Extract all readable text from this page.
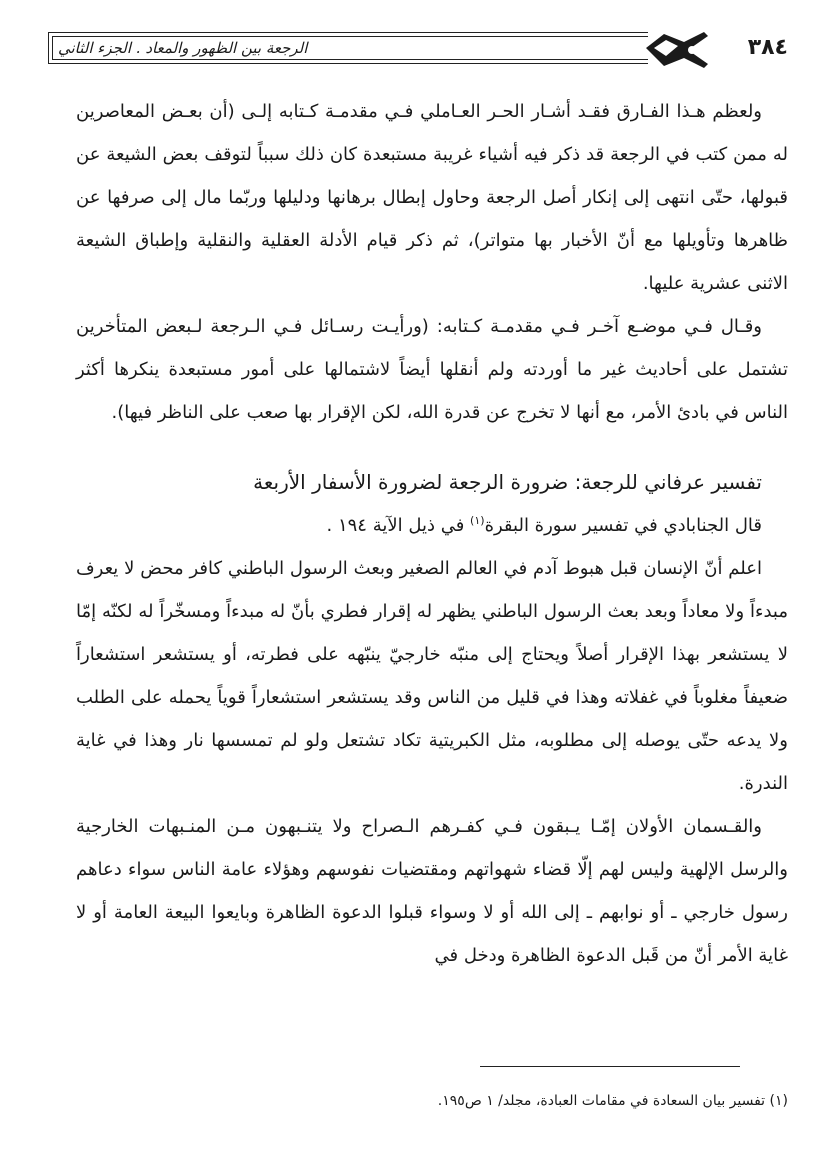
الرجعة بين الظهور والمعاد . الجزء الثاني	٣٨٤

ولعظم هـذا الفـارق فقـد أشـار الحـر العـاملي فـي مقدمـة كـتابه إلـى (أن بعـض المعاصرين له ممن كتب في الرجعة قد ذكر فيه أشياء غريبة مستبعدة كان ذلك سبباً لتوقف بعض الشيعة عن قبولها، حتّى انتهى إلى إنكار أصل الرجعة وحاول إبطال برهانها ودليلها وربّما مال إلى صرفها عن ظاهرها وتأويلها مع أنّ الأخبار بها متواتر)، ثم ذكر قيام الأدلة العقلية والنقلية وإطباق الشيعة الاثنى عشرية عليها.

وقـال فـي موضـع آخـر فـي مقدمـة كـتابه: (ورأيـت رسـائل فـي الـرجعة لـبعض المتأخرين تشتمل على أحاديث غير ما أوردته ولم أنقلها أيضاً لاشتمالها على أمور مستبعدة ينكرها أكثر الناس في بادئ الأمر، مع أنها لا تخرج عن قدرة الله، لكن الإقرار بها صعب على الناظر فيها).

تفسير عرفاني للرجعة: ضرورة الرجعة لضرورة الأسفار الأربعة
قال الجنابادي في تفسير سورة البقرة$^{(١)}$ في ذيل الآية ١٩٤ .

اعلم أنّ الإنسان قبل هبوط آدم في العالم الصغير وبعث الرسول الباطني كافر محض لا يعرف مبدءاً ولا معاداً وبعد بعث الرسول الباطني يظهر له إقرار فطري بأنّ له مبدءاً ومسخّراً له لكنّه إمّا لا يستشعر بهذا الإقرار أصلاً ويحتاج إلى منبّه خارجيّ ينبّهه على فطرته، أو يستشعر استشعاراً ضعيفاً مغلوباً في غفلاته وهذا في قليل من الناس وقد يستشعر استشعاراً قوياً يحمله على الطلب ولا يدعه حتّى يوصله إلى مطلوبه، مثل الكبريتية تكاد تشتعل ولو لم تمسسها نار وهذا في غاية الندرة.

والقـسمان الأولان إمّـا يـبقون فـي كفـرهم الـصراح ولا يتنـبهون مـن المنـبهات الخارجية والرسل الإلهية وليس لهم إلّا قضاء شهواتهم ومقتضيات نفوسهم وهؤلاء عامة الناس سواء دعاهم رسول خارجي ـ أو نوابهم ـ إلى الله أو لا وسواء قبلوا الدعوة الظاهرة وبايعوا البيعة العامة أو لا غاية الأمر أنّ من قَبل الدعوة الظاهرة ودخل في

(١) تفسير بيان السعادة في مقامات العبادة، مجلد/ ١ ص١٩٥.
